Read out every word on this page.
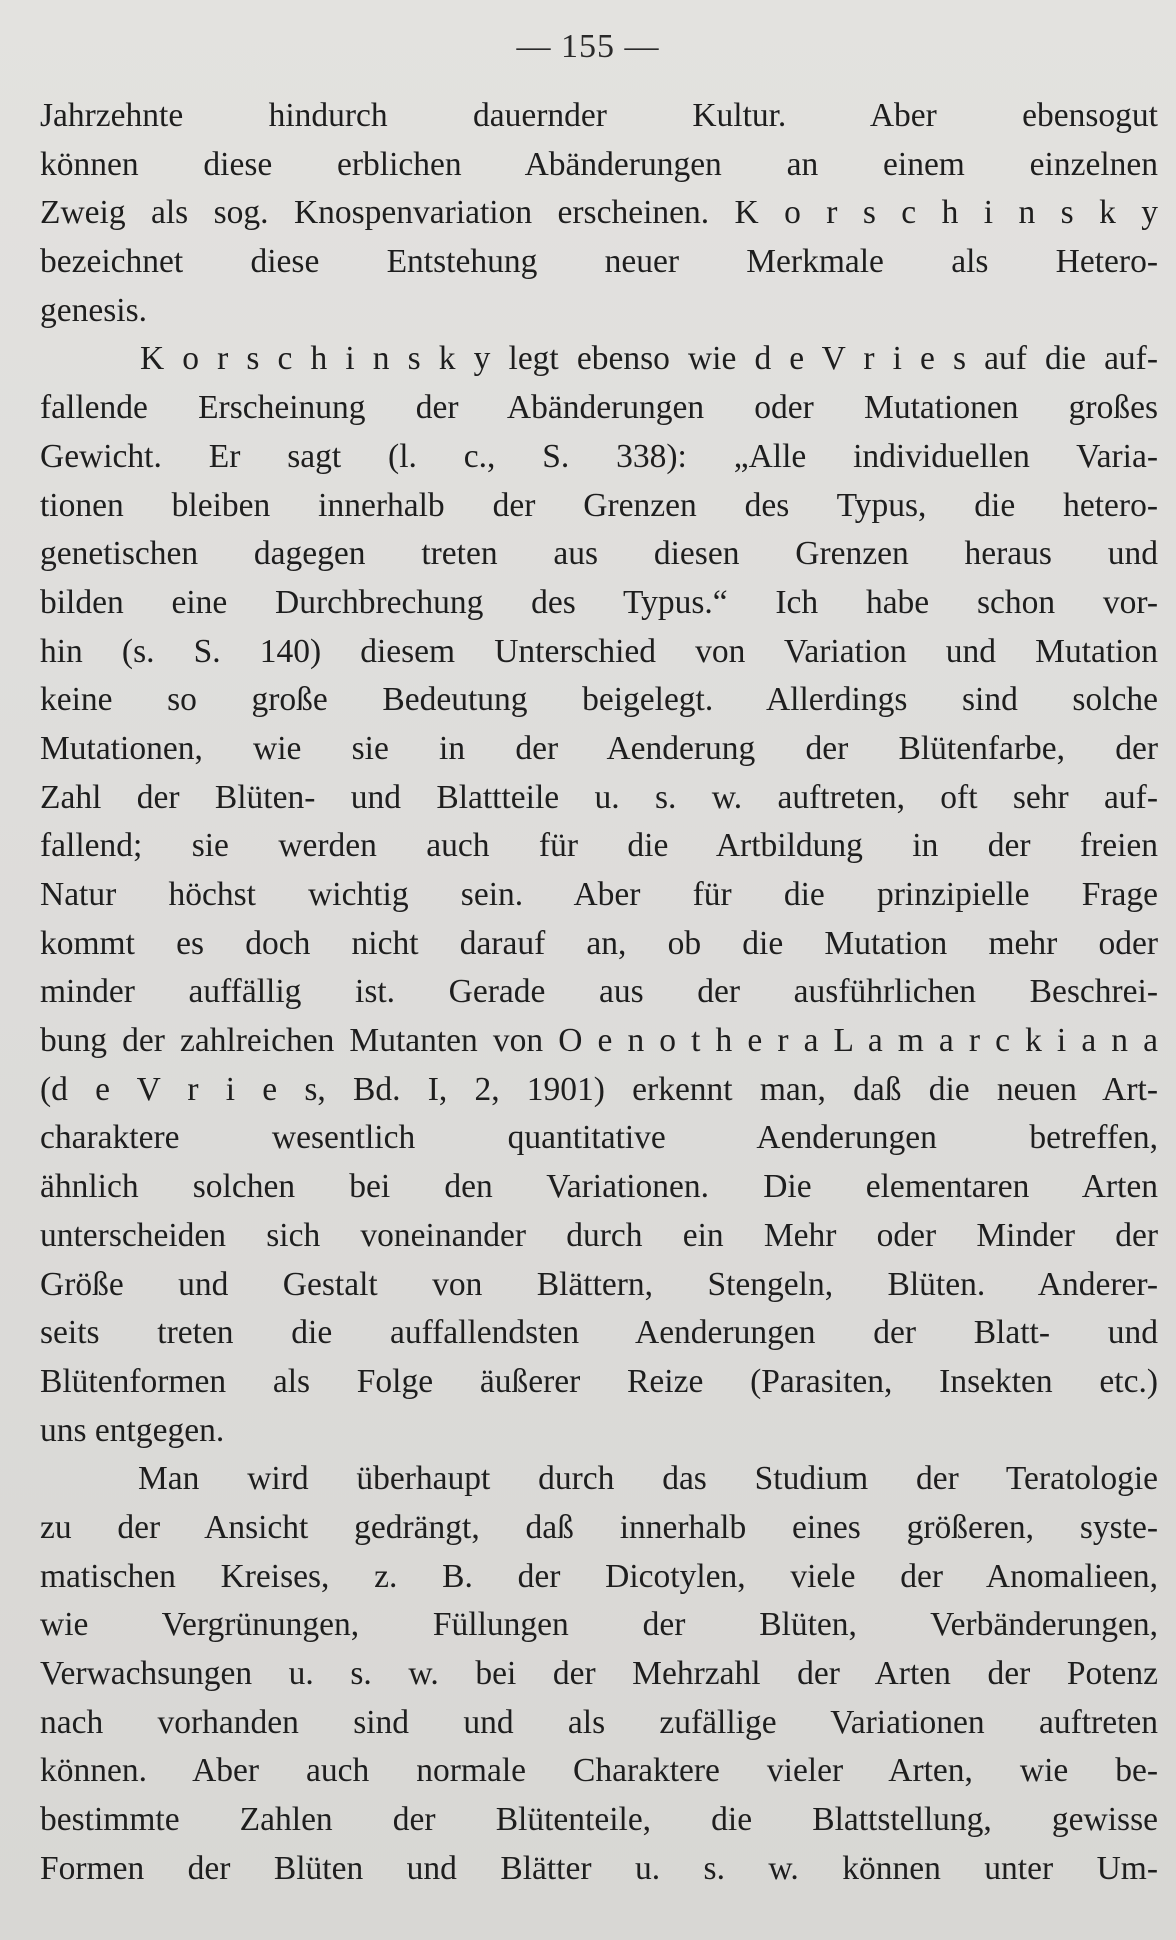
— 155 —
Jahrzehnte hindurch dauernder Kultur. Aber ebensogut
können diese erblichen Abänderungen an einem einzelnen
Zweig als sog. Knospenvariation erscheinen. K o r s c h i n s k y
bezeichnet diese Entstehung neuer Merkmale als Hetero-
genesis.
K o r s c h i n s k y legt ebenso wie d e V r i e s auf die auf-
fallende Erscheinung der Abänderungen oder Mutationen großes
Gewicht. Er sagt (l. c., S. 338): „Alle individuellen Varia-
tionen bleiben innerhalb der Grenzen des Typus, die hetero-
genetischen dagegen treten aus diesen Grenzen heraus und
bilden eine Durchbrechung des Typus.“ Ich habe schon vor-
hin (s. S. 140) diesem Unterschied von Variation und Mutation
keine so große Bedeutung beigelegt. Allerdings sind solche
Mutationen, wie sie in der Aenderung der Blütenfarbe, der
Zahl der Blüten- und Blattteile u. s. w. auftreten, oft sehr auf-
fallend; sie werden auch für die Artbildung in der freien
Natur höchst wichtig sein. Aber für die prinzipielle Frage
kommt es doch nicht darauf an, ob die Mutation mehr oder
minder auffällig ist. Gerade aus der ausführlichen Beschrei-
bung der zahlreichen Mutanten von O e n o t h e r a L a m a r c k i a n a
(d e V r i e s, Bd. I, 2, 1901) erkennt man, daß die neuen Art-
charaktere wesentlich quantitative Aenderungen betreffen,
ähnlich solchen bei den Variationen. Die elementaren Arten
unterscheiden sich voneinander durch ein Mehr oder Minder der
Größe und Gestalt von Blättern, Stengeln, Blüten. Anderer-
seits treten die auffallendsten Aenderungen der Blatt- und
Blütenformen als Folge äußerer Reize (Parasiten, Insekten etc.)
uns entgegen.
Man wird überhaupt durch das Studium der Teratologie
zu der Ansicht gedrängt, daß innerhalb eines größeren, syste-
matischen Kreises, z. B. der Dicotylen, viele der Anomalieen,
wie Vergrünungen, Füllungen der Blüten, Verbänderungen,
Verwachsungen u. s. w. bei der Mehrzahl der Arten der Potenz
nach vorhanden sind und als zufällige Variationen auftreten
können. Aber auch normale Charaktere vieler Arten, wie be-
bestimmte Zahlen der Blütenteile, die Blattstellung, gewisse
Formen der Blüten und Blätter u. s. w. können unter Um-
